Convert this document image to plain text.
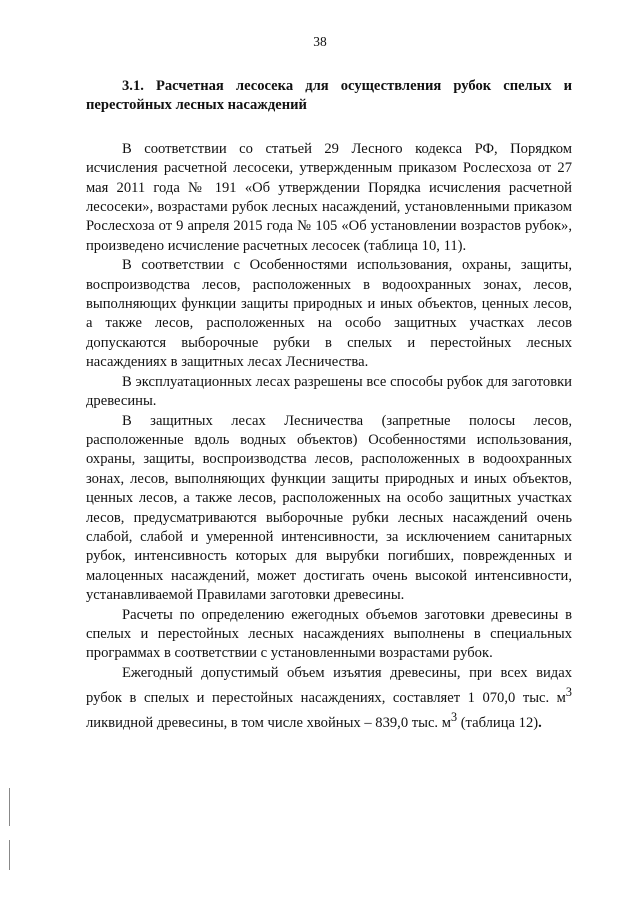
38

3.1. Расчетная лесосека для осуществления рубок спелых и перестойных лесных насаждений

В соответствии со статьей 29 Лесного кодекса РФ, Порядком исчисления расчетной лесосеки, утвержденным приказом Рослесхоза от 27 мая 2011 года № 191 «Об утверждении Порядка исчисления расчетной лесосеки», возрастами рубок лесных насаждений, установленными приказом Рослесхоза от 9 апреля 2015 года № 105 «Об установлении возрастов рубок», произведено исчисление расчетных лесосек (таблица 10, 11).

В соответствии с Особенностями использования, охраны, защиты, воспроизводства лесов, расположенных в водоохранных зонах, лесов, выполняющих функции защиты природных и иных объектов, ценных лесов, а также лесов, расположенных на особо защитных участках лесов допускаются выборочные рубки в спелых и перестойных лесных насаждениях в защитных лесах Лесничества.

В эксплуатационных лесах разрешены все способы рубок для заготовки древесины.

В защитных лесах Лесничества (запретные полосы лесов, расположенные вдоль водных объектов) Особенностями использования, охраны, защиты, воспроизводства лесов, расположенных в водоохранных зонах, лесов, выполняющих функции защиты природных и иных объектов, ценных лесов, а также лесов, расположенных на особо защитных участках лесов, предусматриваются выборочные рубки лесных насаждений очень слабой, слабой и умеренной интенсивности, за исключением санитарных рубок, интенсивность которых для вырубки погибших, поврежденных и малоценных насаждений, может достигать очень высокой интенсивности, устанавливаемой Правилами заготовки древесины.

Расчеты по определению ежегодных объемов заготовки древесины в спелых и перестойных лесных насаждениях выполнены в специальных программах в соответствии с установленными возрастами рубок.

Ежегодный допустимый объем изъятия древесины, при всех видах рубок в спелых и перестойных насаждениях, составляет 1 070,0 тыс. $м^3$ ликвидной древесины, в том числе хвойных – 839,0 тыс. $м^3$ (таблица 12).
